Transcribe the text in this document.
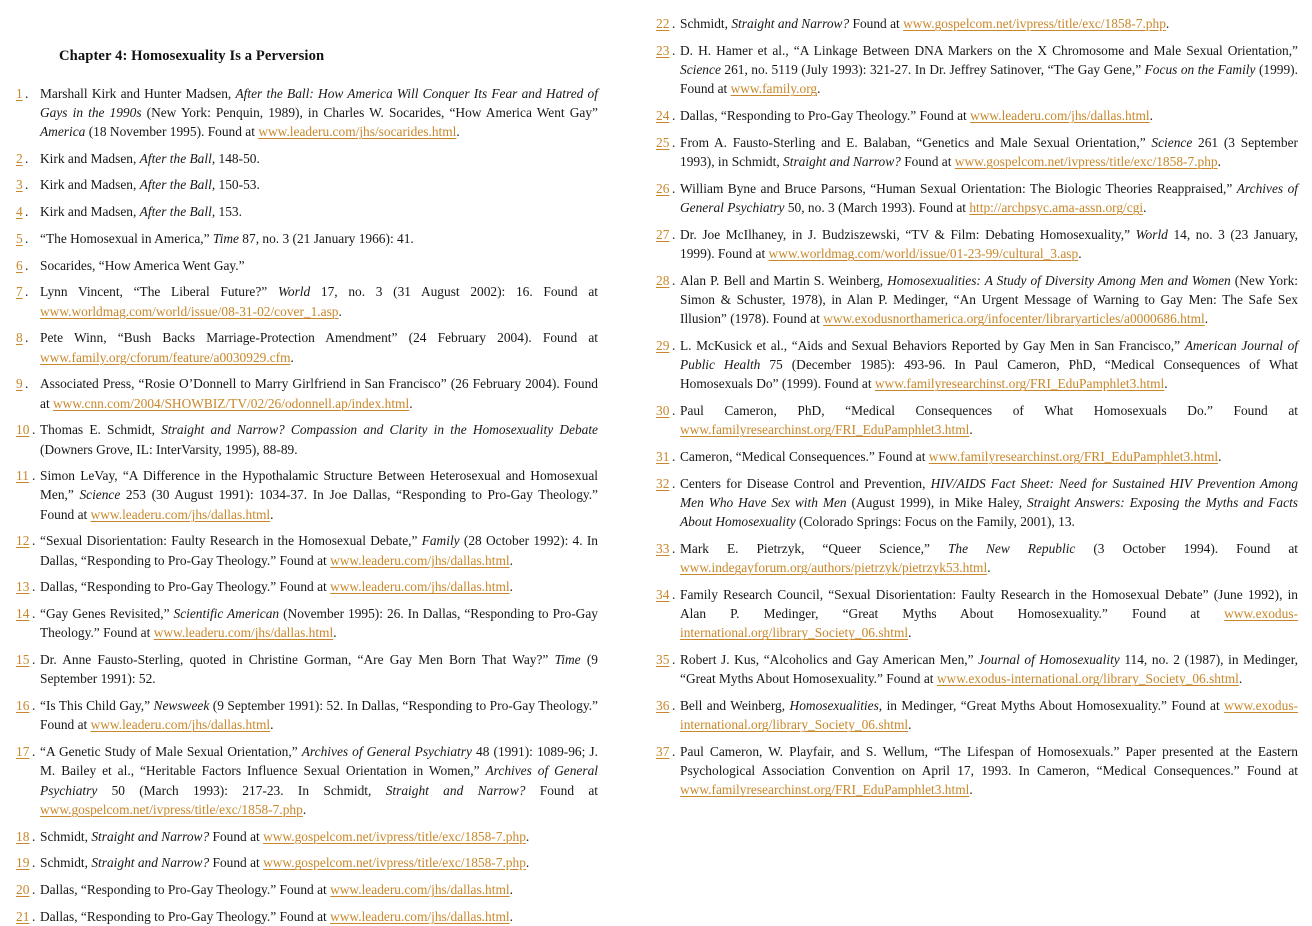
Chapter 4: Homosexuality Is a Perversion
1 . Marshall Kirk and Hunter Madsen, After the Ball: How America Will Conquer Its Fear and Hatred of Gays in the 1990s (New York: Penquin, 1989), in Charles W. Socarides, “How America Went Gay” America (18 November 1995). Found at www.leaderu.com/jhs/socarides.html.
2 . Kirk and Madsen, After the Ball, 148-50.
3 . Kirk and Madsen, After the Ball, 150-53.
4 . Kirk and Madsen, After the Ball, 153.
5 . “The Homosexual in America,” Time 87, no. 3 (21 January 1966): 41.
6 . Socarides, “How America Went Gay.”
7 . Lynn Vincent, “The Liberal Future?” World 17, no. 3 (31 August 2002): 16. Found at www.worldmag.com/world/issue/08-31-02/cover_1.asp.
8 . Pete Winn, “Bush Backs Marriage-Protection Amendment” (24 February 2004). Found at www.family.org/cforum/feature/a0030929.cfm.
9 . Associated Press, “Rosie O’Donnell to Marry Girlfriend in San Francisco” (26 February 2004). Found at www.cnn.com/2004/SHOWBIZ/TV/02/26/odonnell.ap/index.html.
10 . Thomas E. Schmidt, Straight and Narrow? Compassion and Clarity in the Homosexuality Debate (Downers Grove, IL: InterVarsity, 1995), 88-89.
11 . Simon LeVay, “A Difference in the Hypothalamic Structure Between Heterosexual and Homosexual Men,” Science 253 (30 August 1991): 1034-37. In Joe Dallas, “Responding to Pro-Gay Theology.” Found at www.leaderu.com/jhs/dallas.html.
12 . “Sexual Disorientation: Faulty Research in the Homosexual Debate,” Family (28 October 1992): 4. In Dallas, “Responding to Pro-Gay Theology.” Found at www.leaderu.com/jhs/dallas.html.
13 . Dallas, “Responding to Pro-Gay Theology.” Found at www.leaderu.com/jhs/dallas.html.
14 . “Gay Genes Revisited,” Scientific American (November 1995): 26. In Dallas, “Responding to Pro-Gay Theology.” Found at www.leaderu.com/jhs/dallas.html.
15 . Dr. Anne Fausto-Sterling, quoted in Christine Gorman, “Are Gay Men Born That Way?” Time (9 September 1991): 52.
16 . “Is This Child Gay,” Newsweek (9 September 1991): 52. In Dallas, “Responding to Pro-Gay Theology.” Found at www.leaderu.com/jhs/dallas.html.
17 . “A Genetic Study of Male Sexual Orientation,” Archives of General Psychiatry 48 (1991): 1089-96; J. M. Bailey et al., “Heritable Factors Influence Sexual Orientation in Women,” Archives of General Psychiatry 50 (March 1993): 217-23. In Schmidt, Straight and Narrow? Found at www.gospelcom.net/ivpress/title/exc/1858-7.php.
18 . Schmidt, Straight and Narrow? Found at www.gospelcom.net/ivpress/title/exc/1858-7.php.
19 . Schmidt, Straight and Narrow? Found at www.gospelcom.net/ivpress/title/exc/1858-7.php.
20 . Dallas, “Responding to Pro-Gay Theology.” Found at www.leaderu.com/jhs/dallas.html.
21 . Dallas, “Responding to Pro-Gay Theology.” Found at www.leaderu.com/jhs/dallas.html.
22 . Schmidt, Straight and Narrow? Found at www.gospelcom.net/ivpress/title/exc/1858-7.php.
23 . D. H. Hamer et al., “A Linkage Between DNA Markers on the X Chromosome and Male Sexual Orientation,” Science 261, no. 5119 (July 1993): 321-27. In Dr. Jeffrey Satinover, “The Gay Gene,” Focus on the Family (1999). Found at www.family.org.
24 . Dallas, “Responding to Pro-Gay Theology.” Found at www.leaderu.com/jhs/dallas.html.
25 . From A. Fausto-Sterling and E. Balaban, “Genetics and Male Sexual Orientation,” Science 261 (3 September 1993), in Schmidt, Straight and Narrow? Found at www.gospelcom.net/ivpress/title/exc/1858-7.php.
26 . William Byne and Bruce Parsons, “Human Sexual Orientation: The Biologic Theories Reappraised,” Archives of General Psychiatry 50, no. 3 (March 1993). Found at http://archpsyc.ama-assn.org/cgi.
27 . Dr. Joe McIlhaney, in J. Budziszewski, “TV & Film: Debating Homosexuality,” World 14, no. 3 (23 January, 1999). Found at www.worldmag.com/world/issue/01-23-99/cultural_3.asp.
28 . Alan P. Bell and Martin S. Weinberg, Homosexualities: A Study of Diversity Among Men and Women (New York: Simon & Schuster, 1978), in Alan P. Medinger, “An Urgent Message of Warning to Gay Men: The Safe Sex Illusion” (1978). Found at www.exodusnorthamerica.org/infocenter/libraryarticles/a0000686.html.
29 . L. McKusick et al., “Aids and Sexual Behaviors Reported by Gay Men in San Francisco,” American Journal of Public Health 75 (December 1985): 493-96. In Paul Cameron, PhD, “Medical Consequences of What Homosexuals Do” (1999). Found at www.familyresearchinst.org/FRI_EduPamphlet3.html.
30 . Paul Cameron, PhD, “Medical Consequences of What Homosexuals Do.” Found at www.familyresearchinst.org/FRI_EduPamphlet3.html.
31 . Cameron, “Medical Consequences.” Found at www.familyresearchinst.org/FRI_EduPamphlet3.html.
32 . Centers for Disease Control and Prevention, HIV/AIDS Fact Sheet: Need for Sustained HIV Prevention Among Men Who Have Sex with Men (August 1999), in Mike Haley, Straight Answers: Exposing the Myths and Facts About Homosexuality (Colorado Springs: Focus on the Family, 2001), 13.
33 . Mark E. Pietrzyk, “Queer Science,” The New Republic (3 October 1994). Found at www.indegayforum.org/authors/pietrzyk/pietrzyk53.html.
34 . Family Research Council, “Sexual Disorientation: Faulty Research in the Homosexual Debate” (June 1992), in Alan P. Medinger, “Great Myths About Homosexuality.” Found at www.exodus-international.org/library_Society_06.shtml.
35 . Robert J. Kus, “Alcoholics and Gay American Men,” Journal of Homosexuality 114, no. 2 (1987), in Medinger, “Great Myths About Homosexuality.” Found at www.exodus-international.org/library_Society_06.shtml.
36 . Bell and Weinberg, Homosexualities, in Medinger, “Great Myths About Homosexuality.” Found at www.exodus-international.org/library_Society_06.shtml.
37 . Paul Cameron, W. Playfair, and S. Wellum, “The Lifespan of Homosexuals.” Paper presented at the Eastern Psychological Association Convention on April 17, 1993. In Cameron, “Medical Consequences.” Found at www.familyresearchinst.org/FRI_EduPamphlet3.html.
